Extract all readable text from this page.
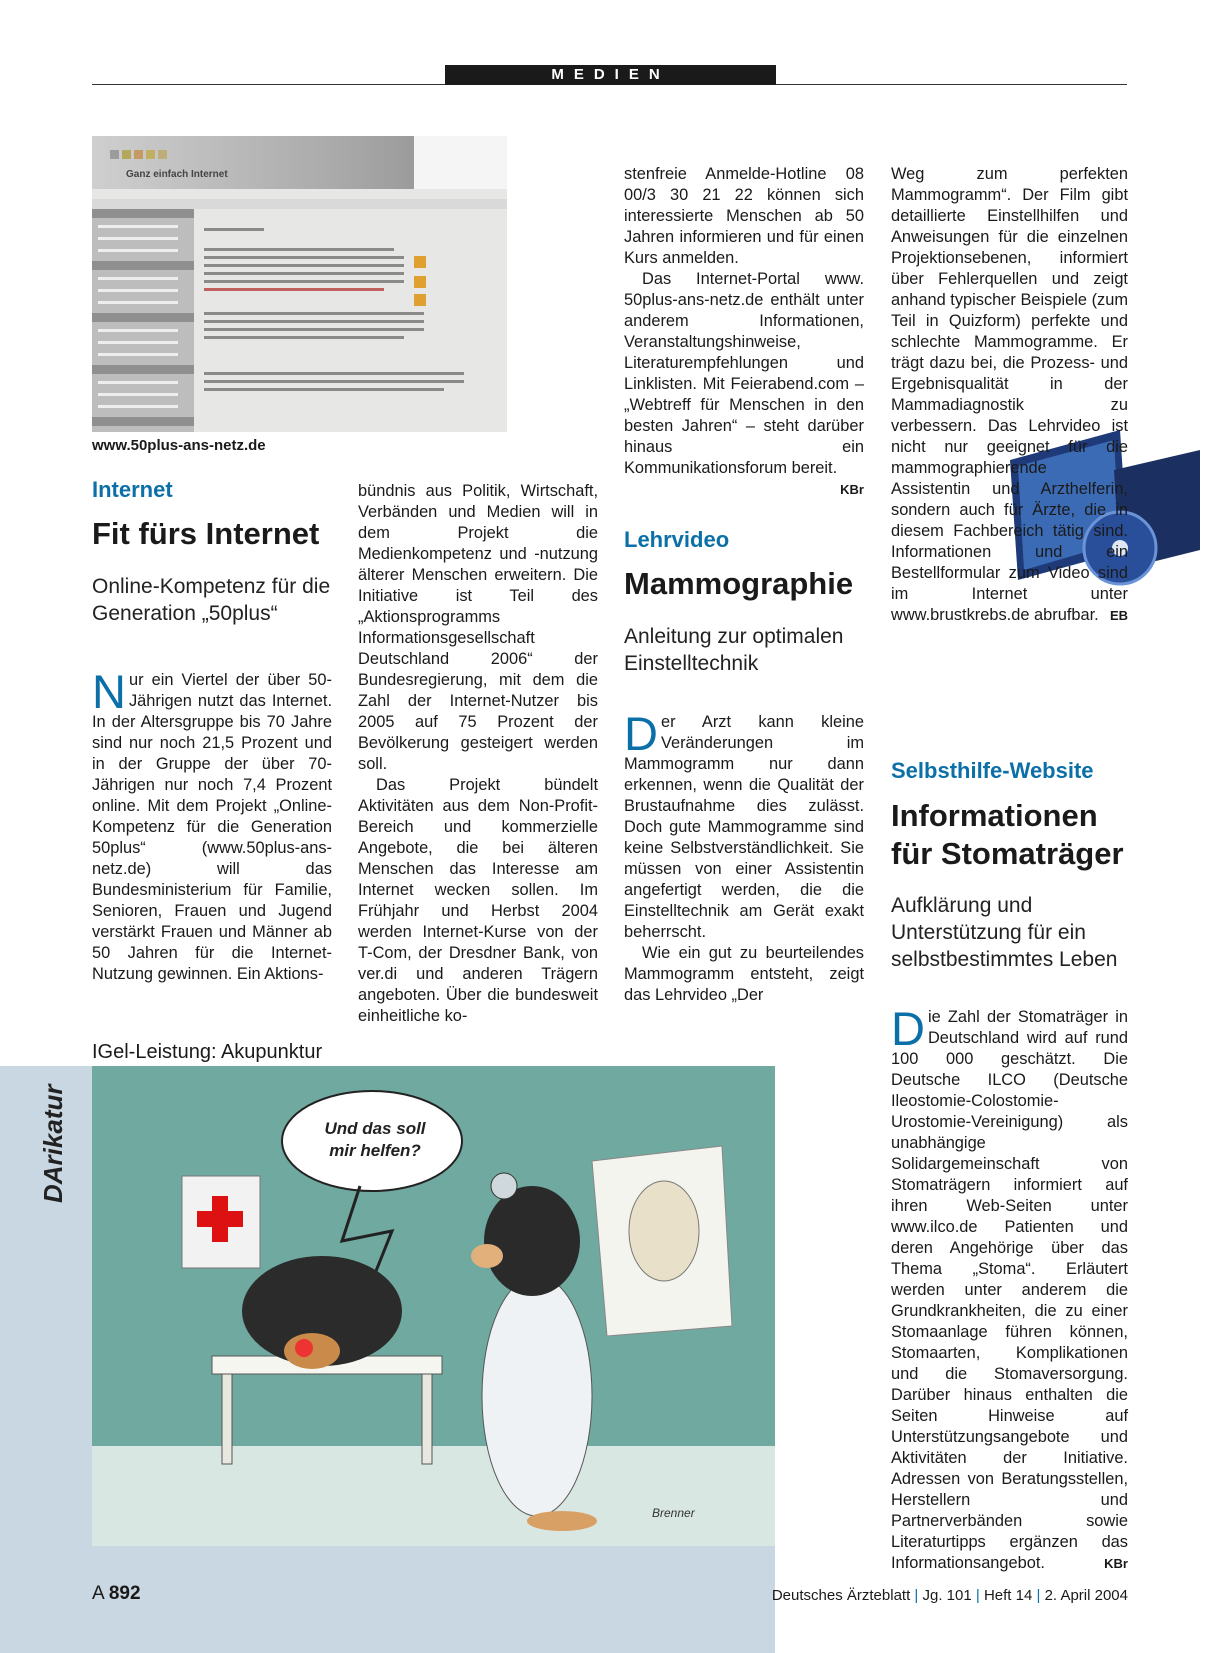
MEDIEN
Ganz einfach Internet
www.50plus-ans-netz.de
Internet
Fit fürs Internet
Online-Kompetenz für die Generation „50plus“
N ur ein Viertel der über 50-Jährigen nutzt das Internet. In der Altersgruppe bis 70 Jahre sind nur noch 21,5 Prozent und in der Gruppe der über 70-Jährigen nur noch 7,4 Prozent online. Mit dem Projekt „Online-Kompetenz für die Generation 50plus“ (www.50plus-ans-netz.de) will das Bundesministerium für Familie, Senioren, Frauen und Jugend verstärkt Frauen und Männer ab 50 Jahren für die Internet-Nutzung gewinnen. Ein Aktions-

bündnis aus Politik, Wirtschaft, Verbänden und Medien will in dem Projekt die Medienkompetenz und -nutzung älterer Menschen erweitern. Die Initiative ist Teil des „Aktionsprogramms Informationsgesellschaft Deutschland 2006“ der Bundesregierung, mit dem die Zahl der Internet-Nutzer bis 2005 auf 75 Prozent der Bevölkerung gesteigert werden soll.

Das Projekt bündelt Aktivitäten aus dem Non-Profit-Bereich und kommerzielle Angebote, die bei älteren Menschen das Interesse am Internet wecken sollen. Im Frühjahr und Herbst 2004 werden Internet-Kurse von der T-Com, der Dresdner Bank, von ver.di und anderen Trägern angeboten. Über die bundesweit einheitliche ko-

stenfreie Anmelde-Hotline 08 00/3 30 21 22 können sich interessierte Menschen ab 50 Jahren informieren und für einen Kurs anmelden.

Das Internet-Portal www. 50plus-ans-netz.de enthält unter anderem Informationen, Veranstaltungshinweise, Literaturempfehlungen und Linklisten. Mit Feierabend.com – „Webtreff für Menschen in den besten Jahren“ – steht darüber hinaus ein Kommunikationsforum bereit.
KBr

Lehrvideo
Mammographie
Anleitung zur optimalen Einstelltechnik

Der Arzt kann kleine Veränderungen im Mammogramm nur dann erkennen, wenn die Qualität der Brustaufnahme dies zulässt. Doch gute Mammogramme sind keine Selbstverständlichkeit. Sie müssen von einer Assistentin angefertigt werden, die die Einstelltechnik am Gerät exakt beherrscht.

Wie ein gut zu beurteilendes Mammogramm entsteht, zeigt das Lehrvideo „Der

Weg zum perfekten Mammogramm“. Der Film gibt detaillierte Einstellhilfen und Anweisungen für die einzelnen Projektionsebenen, informiert über Fehlerquellen und zeigt anhand typischer Beispiele (zum Teil in Quizform) perfekte und schlechte Mammogramme. Er trägt dazu bei, die Prozess- und Ergebnisqualität in der Mammadiagnostik zu verbessern. Das Lehrvideo ist nicht nur geeignet für die mammographierende Assistentin und Arzthelferin, sondern auch für Ärzte, die in diesem Fachbereich tätig sind. Informationen und ein Bestellformular zum Video sind im Internet unter www.brustkrebs.de abrufbar. EB

Selbsthilfe-Website
Informationen für Stomaträger
Aufklärung und Unterstützung für ein selbstbestimmtes Leben

Die Zahl der Stomaträger in Deutschland wird auf rund 100 000 geschätzt. Die Deutsche ILCO (Deutsche Ileostomie-Colostomie-Urostomie-Vereinigung) als unabhängige Solidargemeinschaft von Stomaträgern informiert auf ihren Web-Seiten unter www.ilco.de Patienten und deren Angehörige über das Thema „Stoma“. Erläutert werden unter anderem die Grundkrankheiten, die zu einer Stomaanlage führen können, Stomaarten, Komplikationen und die Stomaversorgung. Darüber hinaus enthalten die Seiten Hinweise auf Unterstützungsangebote und Aktivitäten der Initiative. Adressen von Beratungsstellen, Herstellern und Partnerverbänden sowie Literaturtipps ergänzen das Informationsangebot.	KBr

IGel-Leistung: Akupunktur
DArikatur	Und das soll mir helfen?
Brenner
A 892	Deutsches Ärzteblatt | Jg. 101 | Heft 14 | 2. April 2004
